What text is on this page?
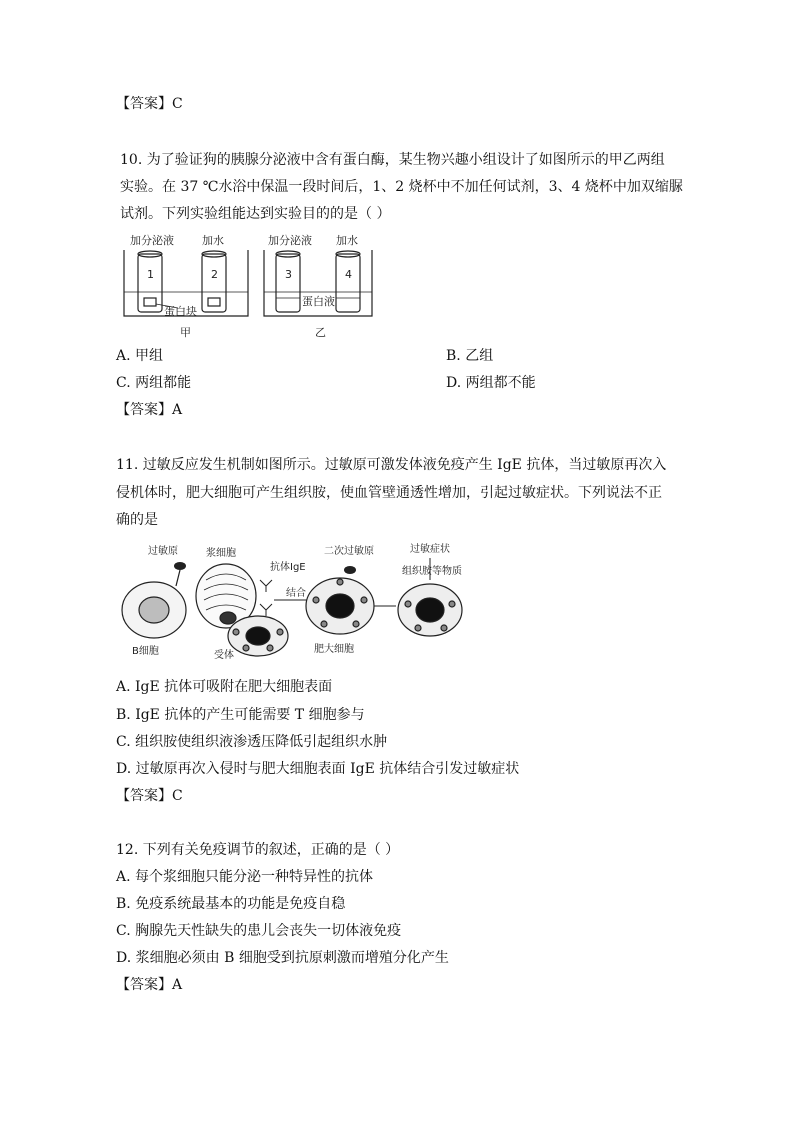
【答案】C
10. 为了验证狗的胰腺分泌液中含有蛋白酶，某生物兴趣小组设计了如图所示的甲乙两组
实验。在 37 ℃水浴中保温一段时间后，1、2 烧杯中不加任何试剂，3、4 烧杯中加双缩脲
试剂。下列实验组能达到实验目的的是（ ）
加分泌液	加水
1	2
蛋白块
甲
加分泌液 加水
3	4
蛋白液
乙
A. 甲组	B. 乙组
C. 两组都能	D. 两组都不能
【答案】A
11. 过敏反应发生机制如图所示。过敏原可激发体液免疫产生 IgE 抗体，当过敏原再次入
侵机体时，肥大细胞可产生组织胺，使血管壁通透性增加，引起过敏症状。下列说法不正
确的是
过敏原
B细胞
浆细胞
抗体IgE
结合
受体
二次过敏原
肥大细胞
过敏症状
组织胺等物质
A. IgE 抗体可吸附在肥大细胞表面
B. IgE 抗体的产生可能需要 T 细胞参与
C. 组织胺使组织液渗透压降低引起组织水肿
D. 过敏原再次入侵时与肥大细胞表面 IgE 抗体结合引发过敏症状
【答案】C
12. 下列有关免疫调节的叙述，正确的是（ ）
A. 每个浆细胞只能分泌一种特异性的抗体
B. 免疫系统最基本的功能是免疫自稳
C. 胸腺先天性缺失的患儿会丧失一切体液免疫
D. 浆细胞必须由 B 细胞受到抗原刺激而增殖分化产生
【答案】A
